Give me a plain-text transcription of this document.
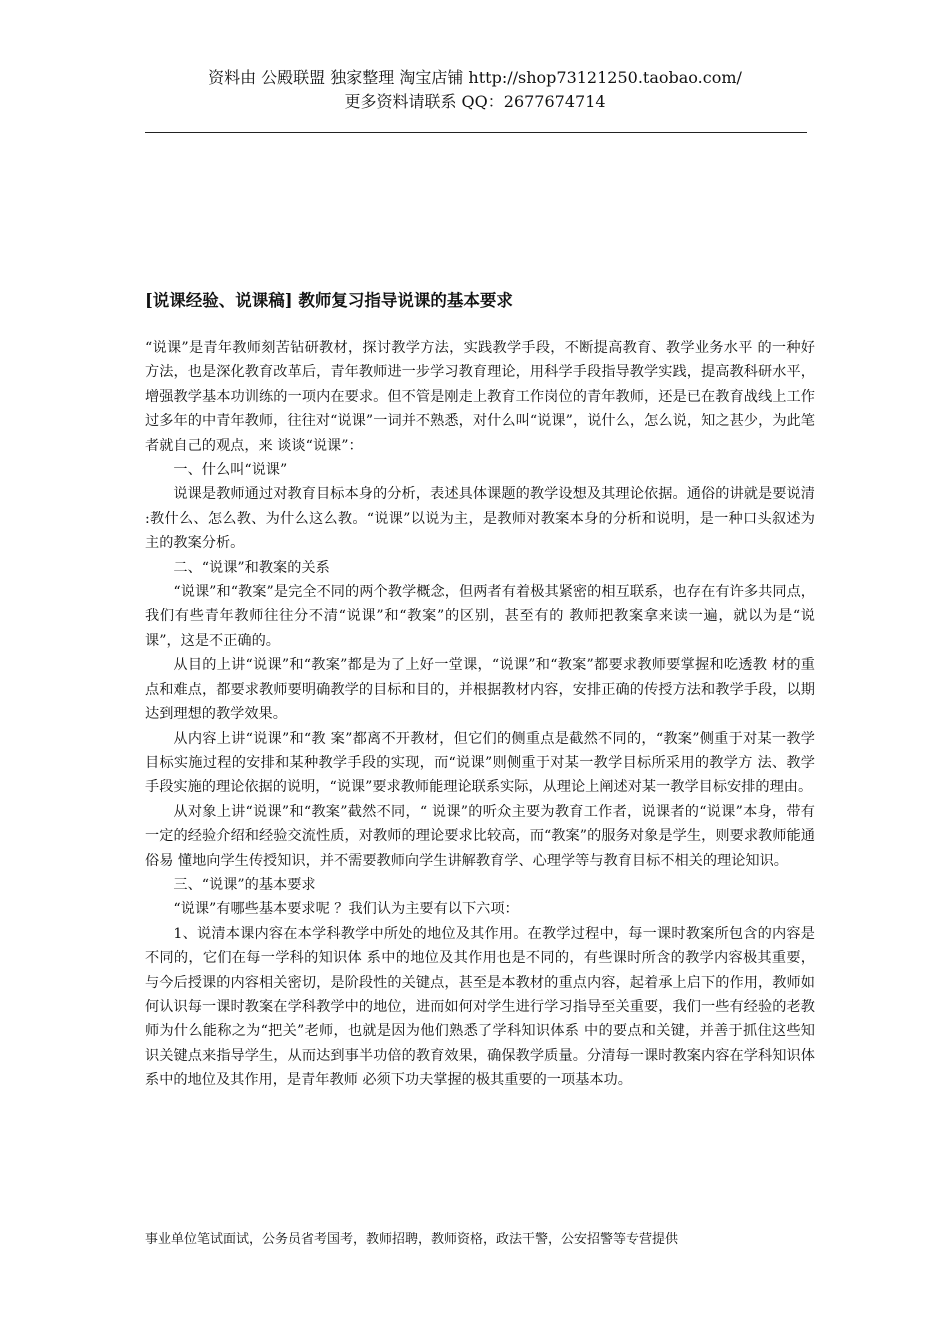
资料由 公殿联盟 独家整理 淘宝店铺 http://shop73121250.taobao.com/
更多资料请联系 QQ：2677674714
[说课经验、说课稿] 教师复习指导说课的基本要求

“说课”是青年教师刻苦钻研教材，探讨教学方法，实践教学手段，不断提高教育、教学业务水平 的一种好方法，也是深化教育改革后，青年教师进一步学习教育理论，用科学手段指导教学实践，提高教科研水平，增强教学基本功训练的一项内在要求。但不管是刚走上教育工作岗位的青年教师，还是已在教育战线上工作过多年的中青年教师，往往对“说课”一词并不熟悉，对什么叫“说课”，说什么，怎么说，知之甚少，为此笔者就自己的观点，来 谈谈“说课”：

一、什么叫“说课”

说课是教师通过对教育目标本身的分析，表述具体课题的教学设想及其理论依据。通俗的讲就是要说清 :教什么、怎么教、为什么这么教。“说课”以说为主，是教师对教案本身的分析和说明，是一种口头叙述为主的教案分析。

二、“说课”和教案的关系

“说课”和“教案”是完全不同的两个教学概念，但两者有着极其紧密的相互联系，也存在有许多共同点，我们有些青年教师往往分不清“说课”和“教案”的区别，甚至有的 教师把教案拿来读一遍，就以为是“说课”，这是不正确的。

从目的上讲“说课”和“教案”都是为了上好一堂课，“说课”和“教案”都要求教师要掌握和吃透教 材的重点和难点，都要求教师要明确教学的目标和目的，并根据教材内容，安排正确的传授方法和教学手段，以期达到理想的教学效果。

从内容上讲“说课”和“教 案”都离不开教材，但它们的侧重点是截然不同的，“教案”侧重于对某一教学目标实施过程的安排和某种教学手段的实现，而“说课”则侧重于对某一教学目标所采用的教学方 法、教学手段实施的理论依据的说明，“说课”要求教师能理论联系实际，从理论上阐述对某一教学目标安排的理由。

从对象上讲“说课”和“教案”截然不同，“ 说课”的听众主要为教育工作者，说课者的“说课”本身，带有一定的经验介绍和经验交流性质，对教师的理论要求比较高，而“教案”的服务对象是学生，则要求教师能通俗易 懂地向学生传授知识，并不需要教师向学生讲解教育学、心理学等与教育目标不相关的理论知识。

三、“说课”的基本要求

“说课”有哪些基本要求呢 ？我们认为主要有以下六项：

1、说清本课内容在本学科教学中所处的地位及其作用。在教学过程中，每一课时教案所包含的内容是不同的，它们在每一学科的知识体 系中的地位及其作用也是不同的，有些课时所含的教学内容极其重要，与今后授课的内容相关密切，是阶段性的关键点，甚至是本教材的重点内容，起着承上启下的作用，教师如 何认识每一课时教案在学科教学中的地位，进而如何对学生进行学习指导至关重要，我们一些有经验的老教师为什么能称之为“把关”老师，也就是因为他们熟悉了学科知识体系 中的要点和关键，并善于抓住这些知识关键点来指导学生，从而达到事半功倍的教育效果，确保教学质量。分清每一课时教案内容在学科知识体系中的地位及其作用，是青年教师 必须下功夫掌握的极其重要的一项基本功。

事业单位笔试面试，公务员省考国考，教师招聘，教师资格，政法干警，公安招警等专营提供
